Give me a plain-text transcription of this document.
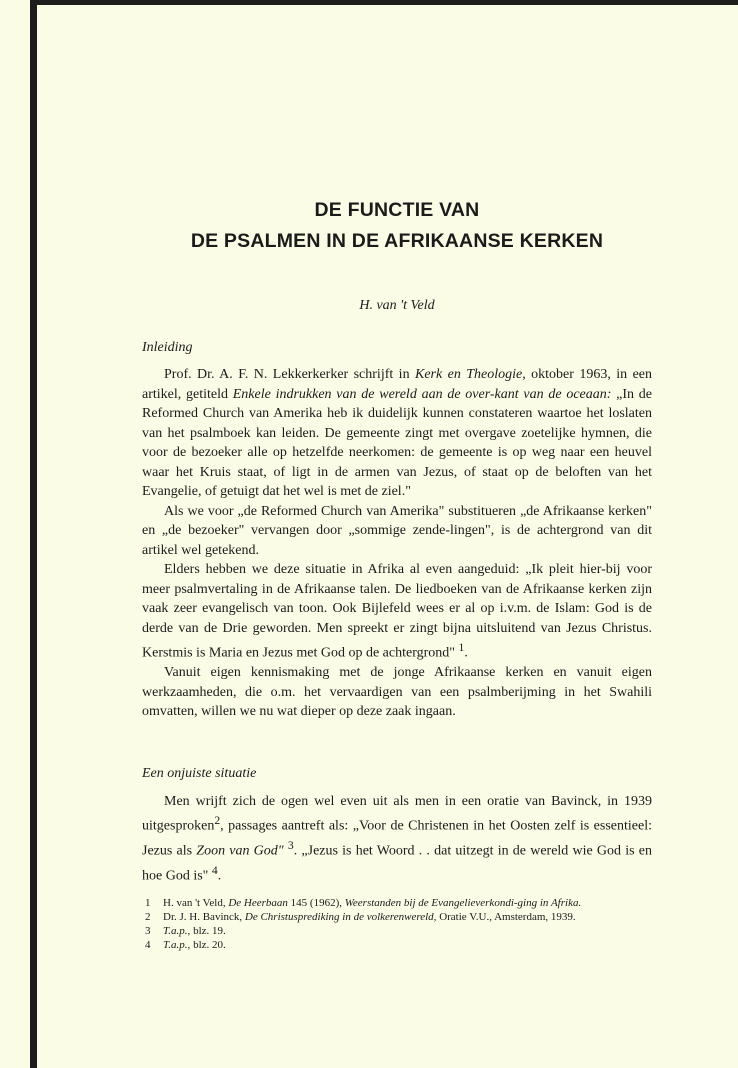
DE FUNCTIE VAN
DE PSALMEN IN DE AFRIKAANSE KERKEN
H. van 't Veld
Inleiding

Prof. Dr. A. F. N. Lekkerkerker schrijft in Kerk en Theologie, oktober 1963, in een artikel, getiteld Enkele indrukken van de wereld aan de over-kant van de oceaan: „In de Reformed Church van Amerika heb ik duidelijk kunnen constateren waartoe het loslaten van het psalmboek kan leiden. De gemeente zingt met overgave zoetelijke hymnen, die voor de bezoeker alle op hetzelfde neerkomen: de gemeente is op weg naar een heuvel waar het Kruis staat, of ligt in de armen van Jezus, of staat op de beloften van het Evangelie, of getuigt dat het wel is met de ziel."

Als we voor „de Reformed Church van Amerika" substitueren „de Afrikaanse kerken" en „de bezoeker" vervangen door „sommige zende-lingen", is de achtergrond van dit artikel wel getekend.

Elders hebben we deze situatie in Afrika al even aangeduid: „Ik pleit hier-bij voor meer psalmvertaling in de Afrikaanse talen. De liedboeken van de Afrikaanse kerken zijn vaak zeer evangelisch van toon. Ook Bijlefeld wees er al op i.v.m. de Islam: God is de derde van de Drie geworden. Men spreekt er zingt bijna uitsluitend van Jezus Christus. Kerstmis is Maria en Jezus met God op de achtergrond" $^1$.

Vanuit eigen kennismaking met de jonge Afrikaanse kerken en vanuit eigen werkzaamheden, die o.m. het vervaardigen van een psalmberijming in het Swahili omvatten, willen we nu wat dieper op deze zaak ingaan.

Een onjuiste situatie

Men wrijft zich de ogen wel even uit als men in een oratie van Bavinck, in 1939 uitgesproken$^2$, passages aantreft als: „Voor de Christenen in het Oosten zelf is essentieel: Jezus als Zoon van God" $^3$. „Jezus is het Woord . . dat uitzegt in de wereld wie God is en hoe God is" $^4$.

1	H. van 't Veld, De Heerbaan 145 (1962), Weerstanden bij de Evangelieverkondi-ging in Afrika.
2	Dr. J. H. Bavinck, De Christusprediking in de volkerenwereld, Oratie V.U., Amsterdam, 1939.
3	T.a.p., blz. 19.
4	T.a.p., blz. 20.
